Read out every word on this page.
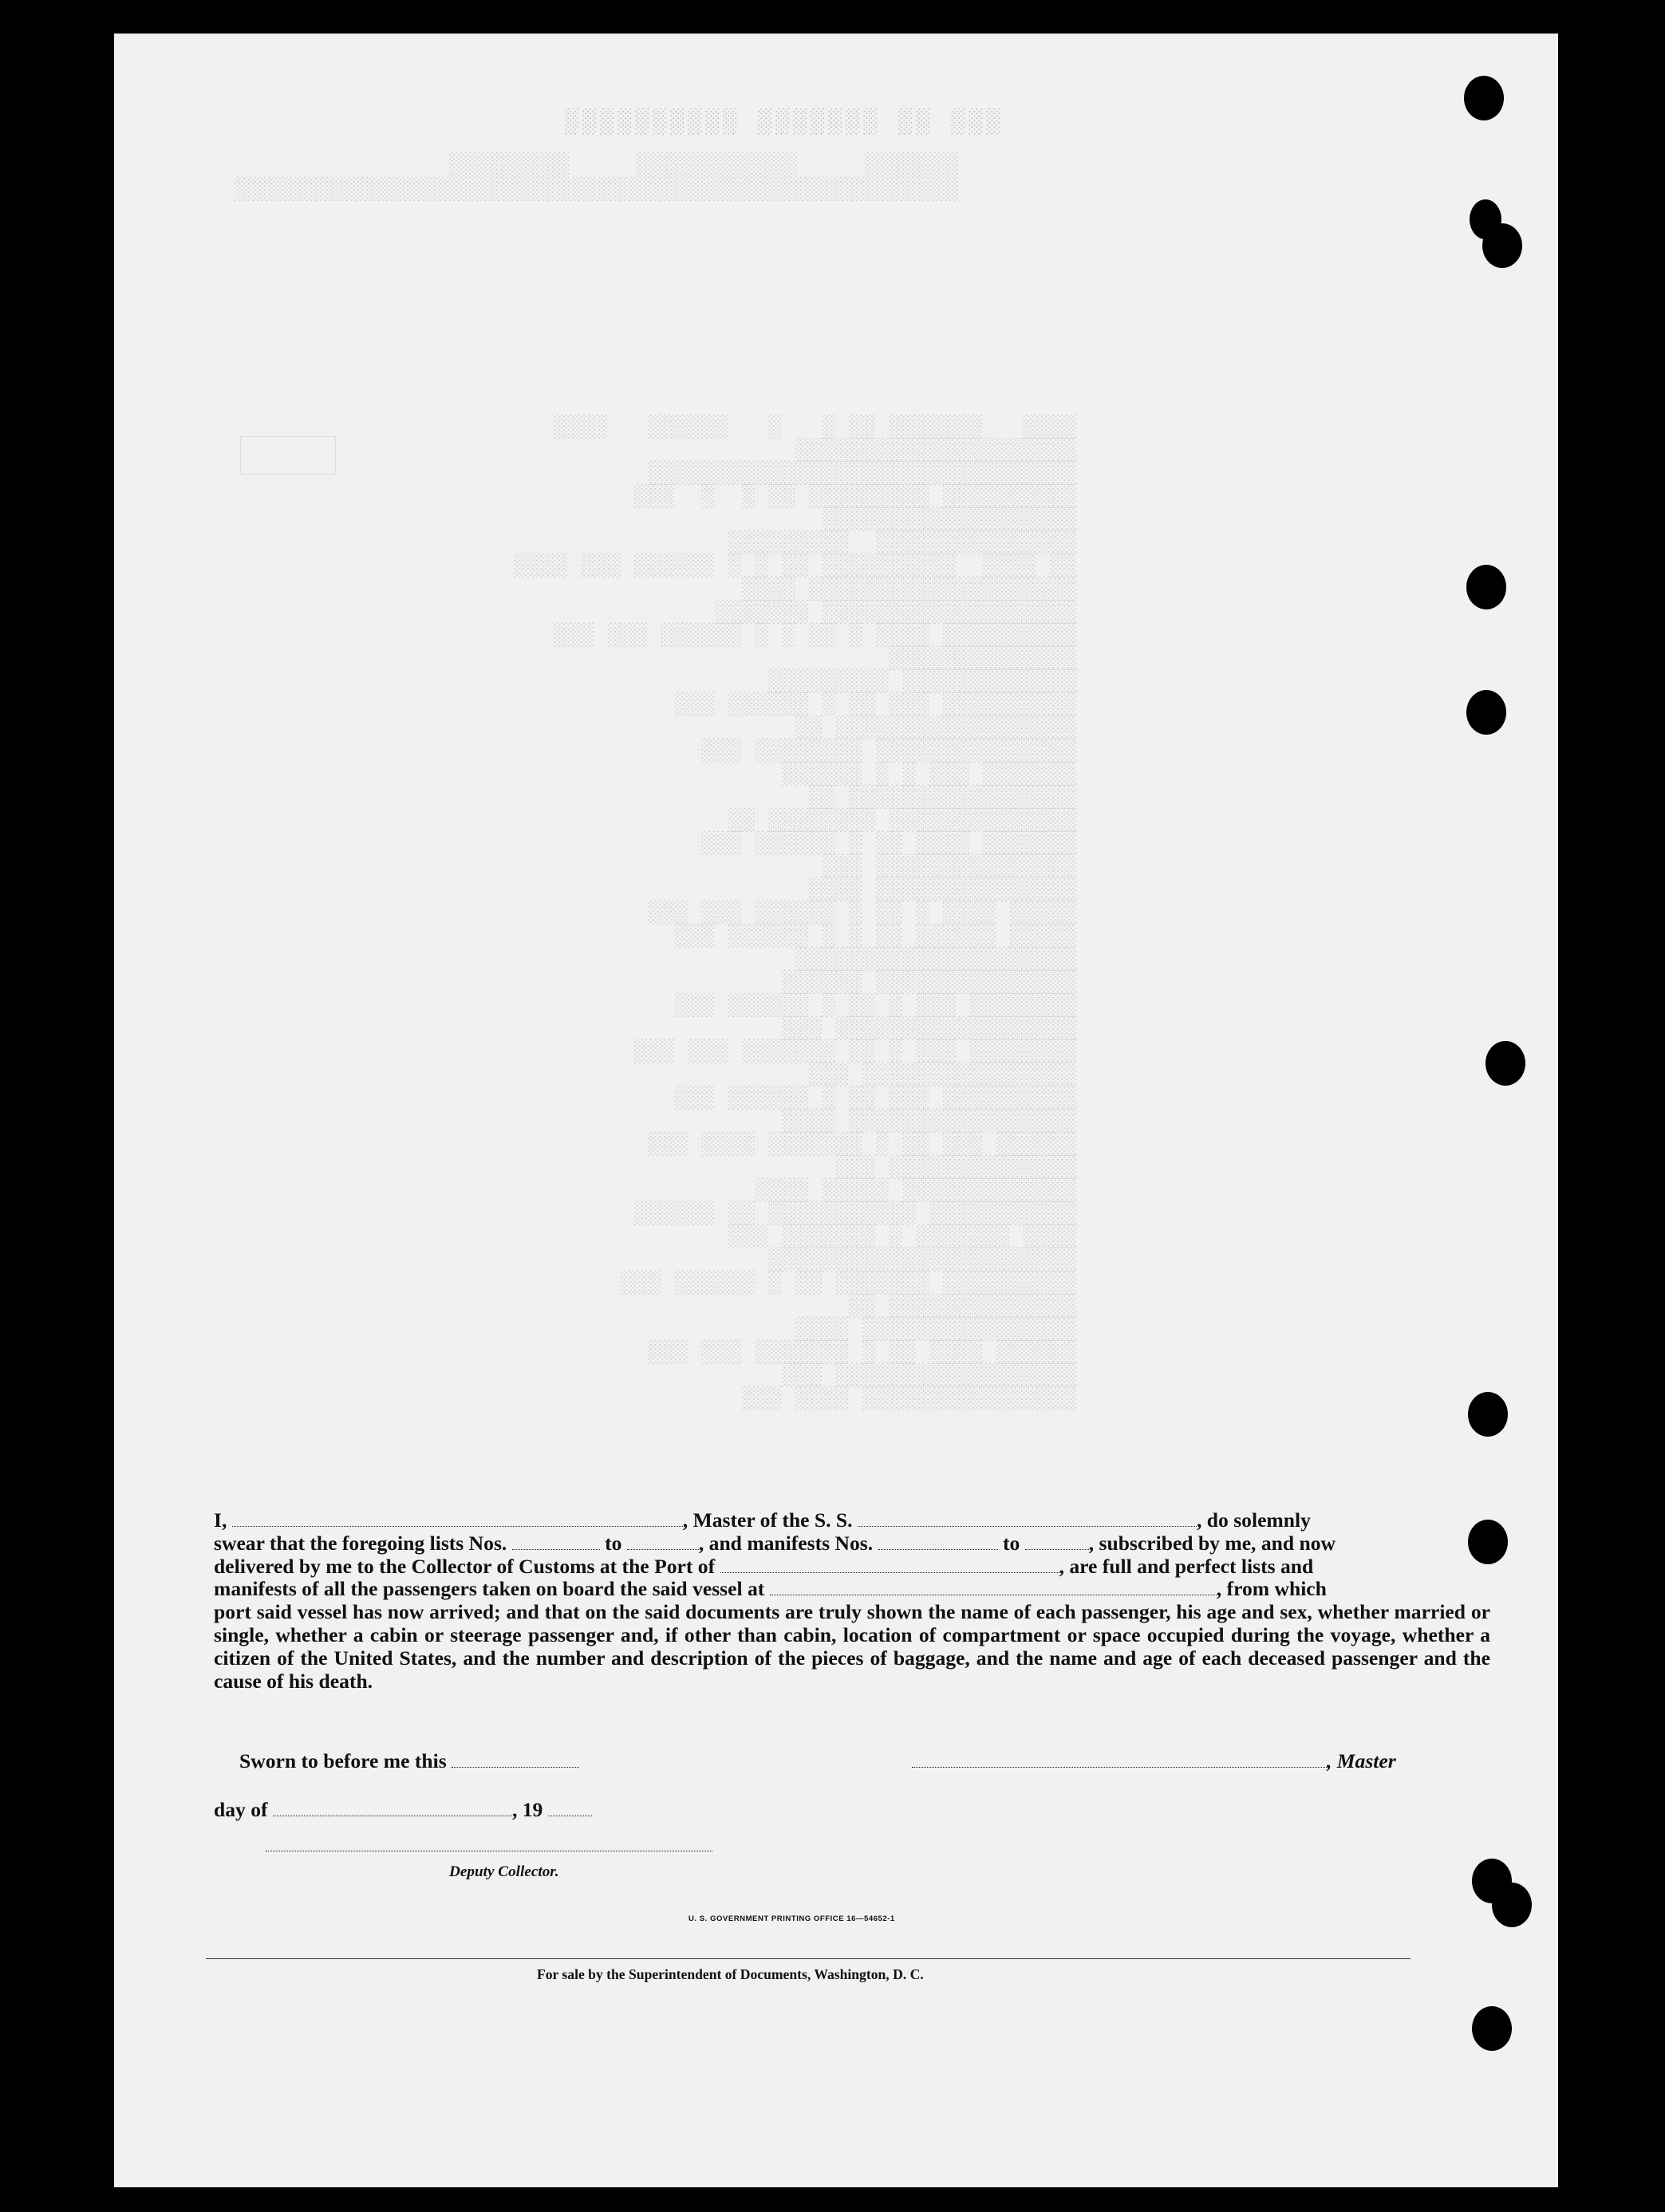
░░░ ░░ ░░░░░░░ ░░░░░░░░░░
░░░░░░░     ░░░░░░░░░░░░     ░░░░░░░░░
░░░░░░░░░░░░░░░░░░░░░░░░░░░░░░░░░░░░░░░░░░░░░░░░░░░░░░
░░░░   ░░░░░░░ ░░ ░   ░   ░░░░░░   ░░░░
░░░░░░░░░░░░░░░░░░░░░
░░░░░░░░░░░░░░░░░░░░░░░░░░░░░░░░
░░░░░░░░░░ ░░░░░░░░░ ░░ ░  ░  ░░░
░░░░░░░░░░░░░░░░░░░
░░░░░░░░░░░░░░░  ░░░░░░░░░
░░ ░░░░  ░░░░░░░░░░ ░░ ░ ░ ░░░░░░ ░░░ ░░░░
░░░░░░░░░░░░░░░░░░░░ ░░░░
░░░░░░░░░░░░░░░░░░░ ░░░░░░░
░░░░░░░░░░ ░░░░ ░ ░░ ░ ░ ░░░░░░ ░░░ ░░░
░░░░░░░░░░░░░░
░░░░░░░░░░░░░ ░░░░░░░░░
░░░░░░░░░░ ░░░ ░░ ░ ░░░░░░ ░░░
░░░░░░░░░░░░░░░░░░ ░░
░░░░░░░░░░░░░░░ ░░░░░░░░ ░░░
░░░░░░░ ░░░ ░ ░ ░░░░░░
░░░░░░░░░░░░░░░░░ ░░
░░░░░░░░░░░░░░ ░░░░░░░░ ░░
░░░░░░░ ░░░░ ░░ ░ ░░░░░░ ░░░
░░░░░░░░░░░░░░░ ░░░
░░░░░░░░░░░░░░░ ░░░░
░░░░░ ░░░░ ░ ░░ ░ ░░░░░░ ░░░ ░░░
░░░░░ ░░░░░░ ░░ ░ ░ ░░░░░░ ░░░
░░░░░░░░░░░░░░░░░░░░░
░░░░░░░░░░░░░░░ ░░░░░░
░░░░░░░░ ░░░ ░ ░░ ░ ░░░░░░ ░░░
░░░░░░░░░░░░░░░░░░ ░░░
░░░░░░░░ ░░░ ░ ░░ ░░░░░░░ ░░░ ░░░
░░░░░░░░░░░░░░░░ ░░░
░░░░░░░░░░ ░░░ ░░ ░ ░░░░░░ ░░░
░░░░░░░░░░░░░░░░░ ░░░░
░░░░░░ ░░░ ░░ ░ ░░░░░░░ ░░░░ ░░░
░░░░░░░░░░░░░░ ░░░
░░░░░░░░░░░░░ ░░░░░ ░░░░
░░░░░░░░░░░ ░░░░░░░░░░░ ░░ ░░░░░░
░░░░ ░░░░░░░ ░ ░░░░░░░ ░░░
░░░░░░░░░░░░░░░░░░░░░░░
░░░░░░░░░░ ░░░░░░░ ░░ ░ ░░░░░░ ░░░
░░░░░░░░░░░░░░ ░░
░░░░░░░░░░░░░░░░ ░░░░
░░░░░░ ░░░░ ░░ ░ ░░░░░░░ ░░░ ░░░
░░░░░░░░░░░░░░░░░░ ░░░
░░░░░░░░░░░░░░░░ ░░░░ ░░░

I,	, Master of the S. S.	, do solemnly

swear that the foregoing lists Nos.	to	, and manifests Nos.	to	, subscribed by me, and now

delivered by me to the Collector of Customs at the Port of	, are full and perfect lists and

manifests of all the passengers taken on board the said vessel at	, from which

port said vessel has now arrived; and that on the said documents are truly shown the name of each passenger, his age and sex, whether married or single, whether a cabin or steerage passenger and, if other than cabin, location of compartment or space occupied during the voyage, whether a citizen of the United States, and the number and description of the pieces of baggage, and the name and age of each deceased passenger and the cause of his death.

Sworn to before me this	, Master
day of	, 19
Deputy Collector.
U. S. GOVERNMENT PRINTING OFFICE 16—54652-1
For sale by the Superintendent of Documents, Washington, D. C.
